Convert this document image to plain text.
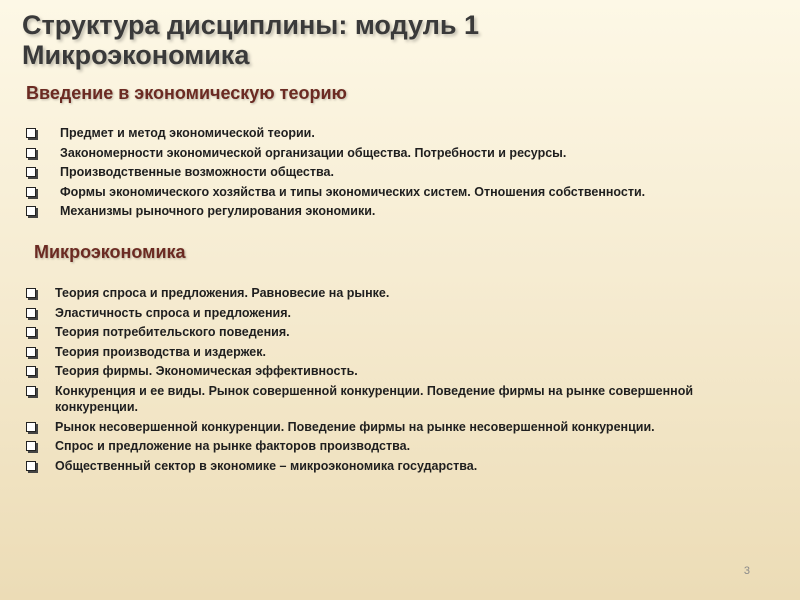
Структура дисциплины: модуль 1
Микроэкономика
Введение в экономическую теорию
Предмет и метод экономической теории.
Закономерности экономической организации общества. Потребности и ресурсы.
Производственные возможности общества.
Формы экономического хозяйства и типы экономических систем. Отношения собственности.
Механизмы рыночного регулирования экономики.
Микроэкономика
Теория спроса и предложения. Равновесие на рынке.
Эластичность спроса и предложения.
Теория потребительского поведения.
Теория производства и издержек.
Теория фирмы. Экономическая эффективность.
Конкуренция и ее виды. Рынок совершенной конкуренции. Поведение фирмы на рынке совершенной конкуренции.
Рынок несовершенной конкуренции. Поведение фирмы на рынке несовершенной конкуренции.
Спрос и предложение на рынке факторов производства.
Общественный сектор в экономике – микроэкономика государства.
3
